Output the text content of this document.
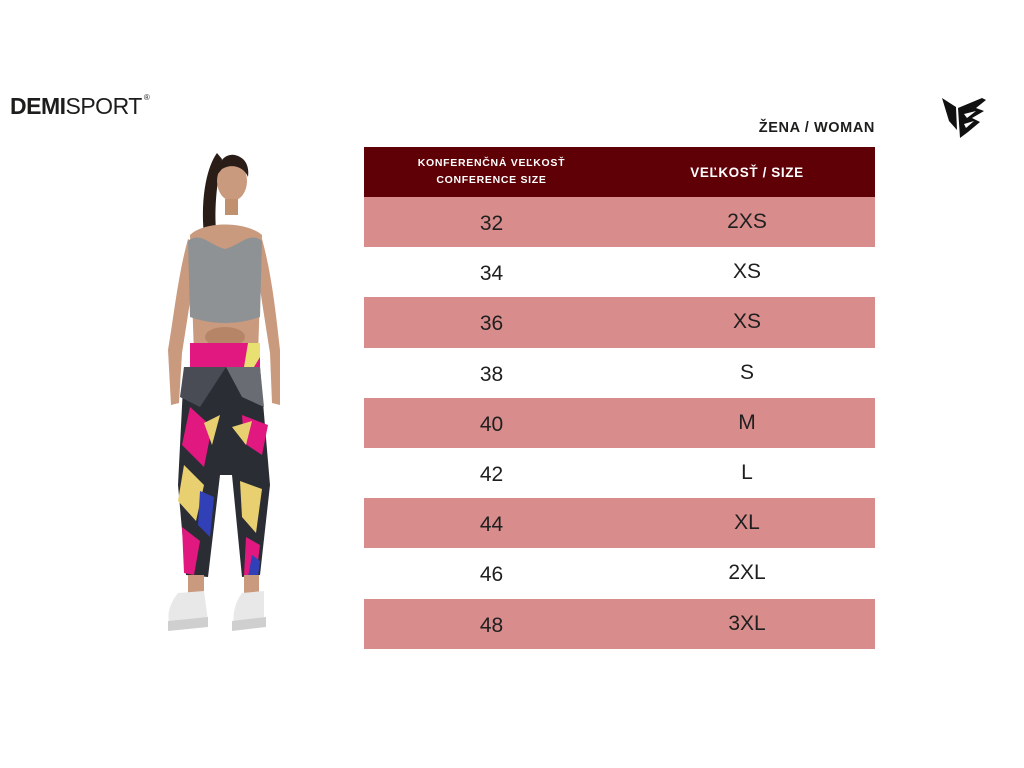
DEMI SPORT ®
ŽENA / WOMAN
KONFERENČNÁ VEĽKOSŤ
CONFERENCE SIZE
VEĽKOSŤ / SIZE
32	2XS
34	XS
36	XS
38	S
40	M
42	L
44	XL
46	2XL
48	3XL
